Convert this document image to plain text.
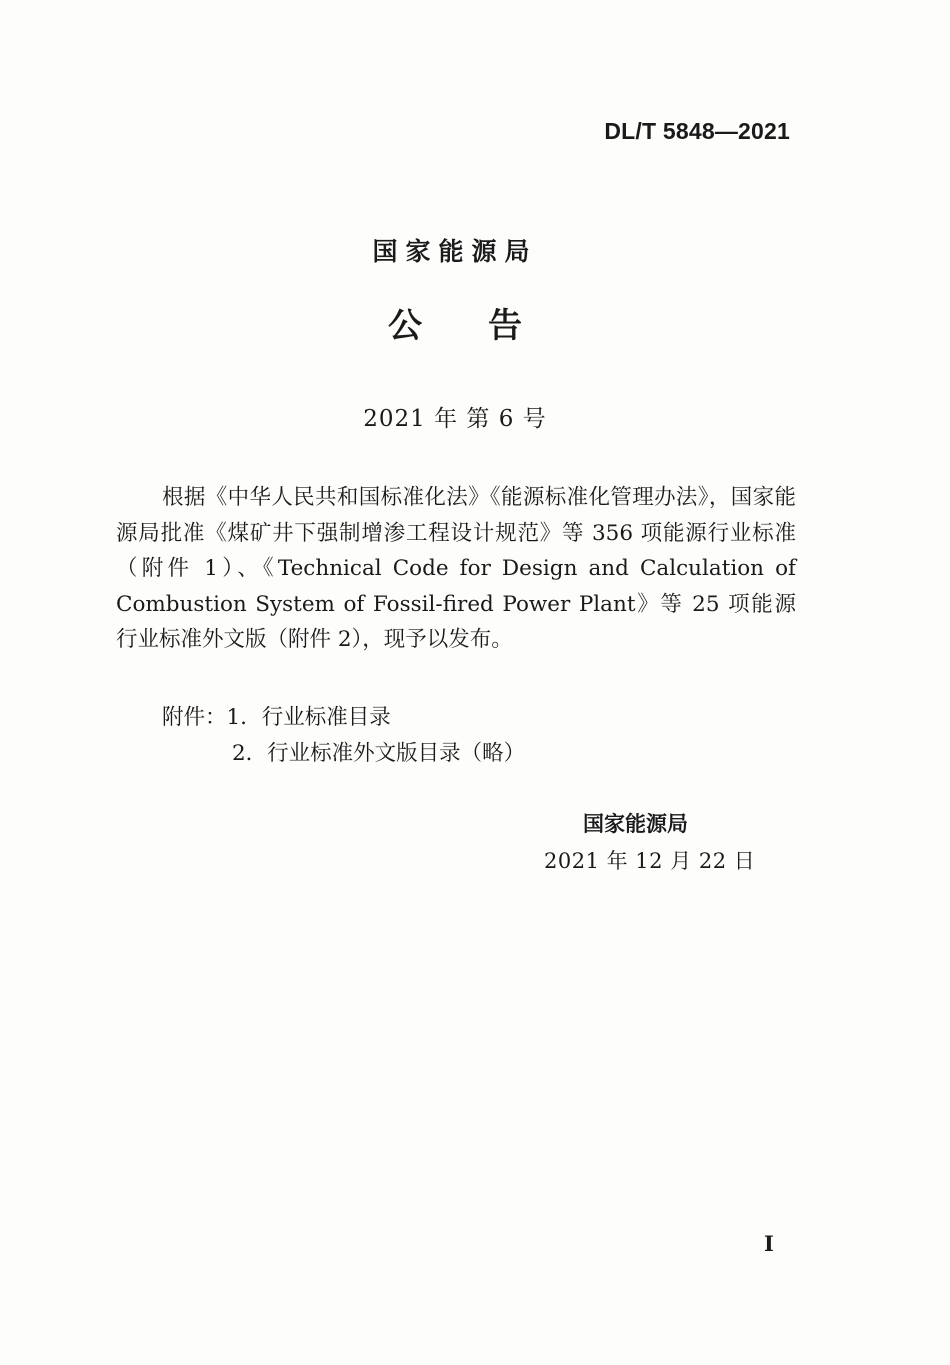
DL/T 5848—2021
国家能源局
公 告
2021 年 第 6 号
根据《中华人民共和国标准化法》《能源标准化管理办法》，国家能源局批准《煤矿井下强制增渗工程设计规范》等 356 项能源行业标准（附件 1）、《Technical Code for Design and Calculation of Combustion System of Fossil-fired Power Plant》等 25 项能源行业标准外文版（附件 2），现予以发布。
附件：1．行业标准目录
2．行业标准外文版目录（略）
国家能源局
2021 年 12 月 22 日
I
